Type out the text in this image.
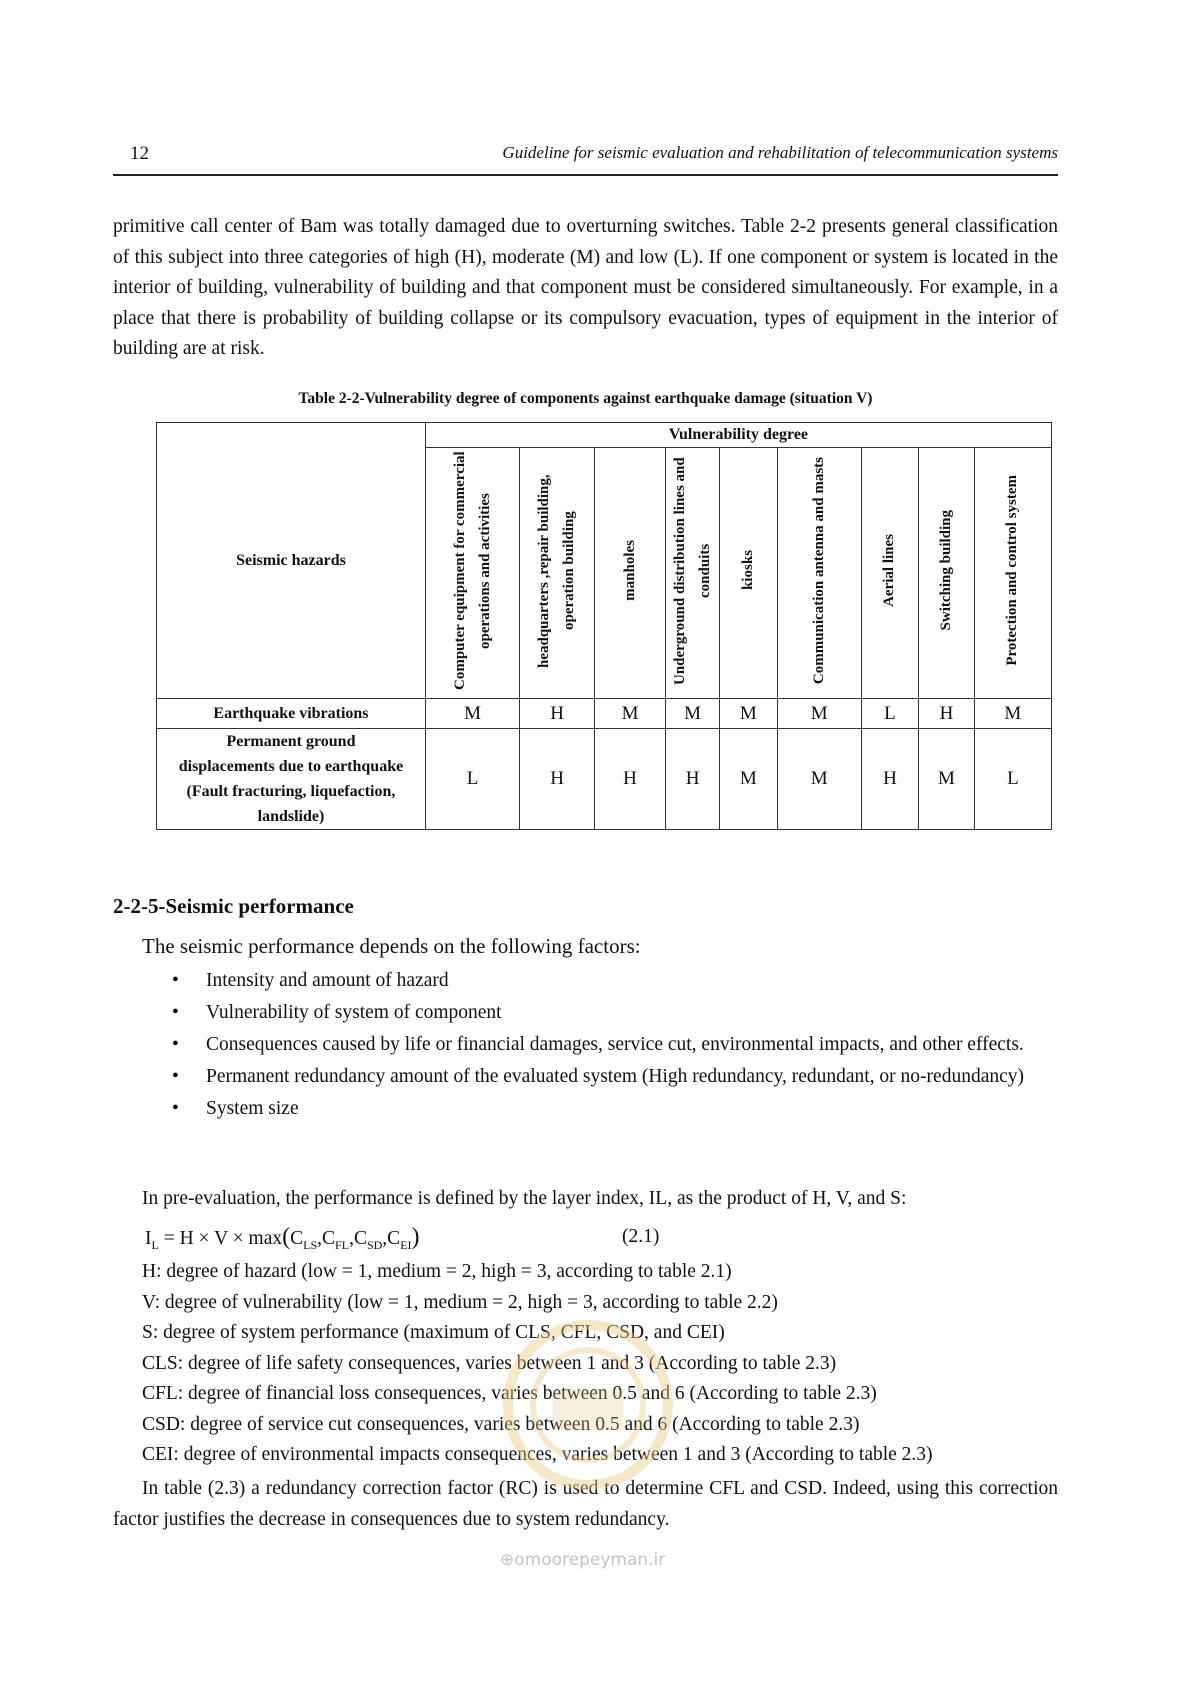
12	Guideline for seismic evaluation and rehabilitation of telecommunication systems

primitive call center of Bam was totally damaged due to overturning switches. Table 2-2 presents general classification of this subject into three categories of high (H), moderate (M) and low (L). If one component or system is located in the interior of building, vulnerability of building and that component must be considered simultaneously. For example, in a place that there is probability of building collapse or its compulsory evacuation, types of equipment in the interior of building are at risk.

Table 2-2-Vulnerability degree of components against earthquake damage (situation V)
Seismic hazards	Vulnerability degree								
	Computer equipment for commercial operations and activities	headquarters ,repair building, operation building	manholes	Underground distribution lines and conduits	kiosks	Communication antenna and masts	Aerial lines	Switching building	Protection and control system
Earthquake vibrations	M	H	M	M	M	M	L	H	M
Permanent ground displacements due to earthquake (Fault fracturing, liquefaction, landslide)	L	H	H	H	M	M	H	M	L
2-2-5-Seismic performance
The seismic performance depends on the following factors:
• Intensity and amount of hazard
• Vulnerability of system of component
• Consequences caused by life or financial damages, service cut, environmental impacts, and other effects.
• Permanent redundancy amount of the evaluated system (High redundancy, redundant, or no-redundancy)
• System size
In pre-evaluation, the performance is defined by the layer index, IL, as the product of H, V, and S:
$I_L = H \times V \times \max(C_{LS},C_{FL},C_{SD},C_{EI})$	(2.1)
H: degree of hazard (low = 1, medium = 2, high = 3, according to table 2.1)
V: degree of vulnerability (low = 1, medium = 2, high = 3, according to table 2.2)
S: degree of system performance (maximum of CLS, CFL, CSD, and CEI)
CLS: degree of life safety consequences, varies between 1 and 3 (According to table 2.3)
CFL: degree of financial loss consequences, varies between 0.5 and 6 (According to table 2.3)
CSD: degree of service cut consequences, varies between 0.5 and 6 (According to table 2.3)
CEI: degree of environmental impacts consequences, varies between 1 and 3 (According to table 2.3)

In table (2.3) a redundancy correction factor (RC) is used to determine CFL and CSD. Indeed, using this correction factor justifies the decrease in consequences due to system redundancy.

⊕omoorepeyman.ir
